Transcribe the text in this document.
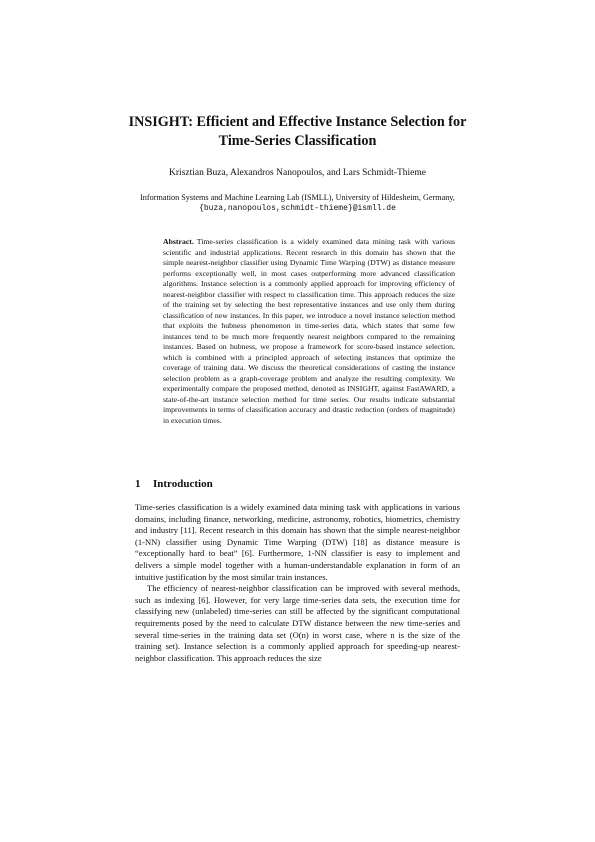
INSIGHT: Efficient and Effective Instance Selection for
Time-Series Classification
Krisztian Buza, Alexandros Nanopoulos, and Lars Schmidt-Thieme
Information Systems and Machine Learning Lab (ISMLL), University of Hildesheim, Germany,
{buza,nanopoulos,schmidt-thieme}@ismll.de
Abstract. Time-series classification is a widely examined data mining task with various scientific and industrial applications. Recent research in this domain has shown that the simple nearest-neighbor classifier using Dynamic Time Warping (DTW) as distance measure performs exceptionally well, in most cases outperforming more advanced classification algorithms. Instance selection is a commonly applied approach for improving efficiency of nearest-neighbor classifier with respect to classification time. This approach reduces the size of the training set by selecting the best representative instances and use only them during classification of new instances. In this paper, we introduce a novel instance selection method that exploits the hubness phenomenon in time-series data, which states that some few instances tend to be much more frequently nearest neighbors compared to the remaining instances. Based on hubness, we propose a framework for score-based instance selection, which is combined with a principled approach of selecting instances that optimize the coverage of training data. We discuss the theoretical considerations of casting the instance selection problem as a graph-coverage problem and analyze the resulting complexity. We experimentally compare the proposed method, denoted as INSIGHT, against FastAWARD, a state-of-the-art instance selection method for time series. Our results indicate substantial improvements in terms of classification accuracy and drastic reduction (orders of magnitude) in execution times.
1 Introduction

Time-series classification is a widely examined data mining task with applications in various domains, including finance, networking, medicine, astronomy, robotics, biometrics, chemistry and industry [11]. Recent research in this domain has shown that the simple nearest-neighbor (1-NN) classifier using Dynamic Time Warping (DTW) [18] as distance measure is “exceptionally hard to beat” [6]. Furthermore, 1-NN classifier is easy to implement and delivers a simple model together with a human-understandable explanation in form of an intuitive justification by the most similar train instances.

The efficiency of nearest-neighbor classification can be improved with several methods, such as indexing [6]. However, for very large time-series data sets, the execution time for classifying new (unlabeled) time-series can still be affected by the significant computational requirements posed by the need to calculate DTW distance between the new time-series and several time-series in the training data set (O(n) in worst case, where n is the size of the training set). Instance selection is a commonly applied approach for speeding-up nearest-neighbor classification. This approach reduces the size
